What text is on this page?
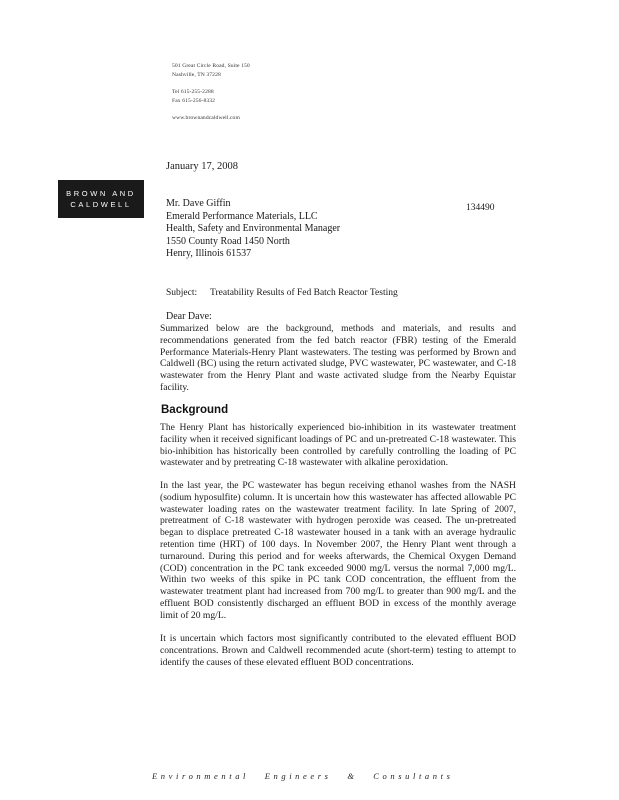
501 Great Circle Road, Suite 150
Nashville, TN 37228
Tel 615-255-2288
Fax 615-256-8332
www.brownandcaldwell.com
BROWN AND
CALDWELL
January 17, 2008
Mr. Dave Giffin
Emerald Performance Materials, LLC
Health, Safety and Environmental Manager
1550 County Road 1450 North
Henry, Illinois 61537
134490
Subject: Treatability Results of Fed Batch Reactor Testing
Dear Dave:
Summarized below are the background, methods and materials, and results and recommendations generated from the fed batch reactor (FBR) testing of the Emerald Performance Materials-Henry Plant wastewaters. The testing was performed by Brown and Caldwell (BC) using the return activated sludge, PVC wastewater, PC wastewater, and C-18 wastewater from the Henry Plant and waste activated sludge from the Nearby Equistar facility.
Background
The Henry Plant has historically experienced bio-inhibition in its wastewater treatment facility when it received significant loadings of PC and un-pretreated C-18 wastewater. This bio-inhibition has historically been controlled by carefully controlling the loading of PC wastewater and by pretreating C-18 wastewater with alkaline peroxidation.
In the last year, the PC wastewater has begun receiving ethanol washes from the NASH (sodium hyposulfite) column. It is uncertain how this wastewater has affected allowable PC wastewater loading rates on the wastewater treatment facility. In late Spring of 2007, pretreatment of C-18 wastewater with hydrogen peroxide was ceased. The un-pretreated began to displace pretreated C-18 wastewater housed in a tank with an average hydraulic retention time (HRT) of 100 days. In November 2007, the Henry Plant went through a turnaround. During this period and for weeks afterwards, the Chemical Oxygen Demand (COD) concentration in the PC tank exceeded 9000 mg/L versus the normal 7,000 mg/L. Within two weeks of this spike in PC tank COD concentration, the effluent from the wastewater treatment plant had increased from 700 mg/L to greater than 900 mg/L and the effluent BOD consistently discharged an effluent BOD in excess of the monthly average limit of 20 mg/L.
It is uncertain which factors most significantly contributed to the elevated effluent BOD concentrations. Brown and Caldwell recommended acute (short-term) testing to attempt to identify the causes of these elevated effluent BOD concentrations.
Environmental Engineers & Consultants
